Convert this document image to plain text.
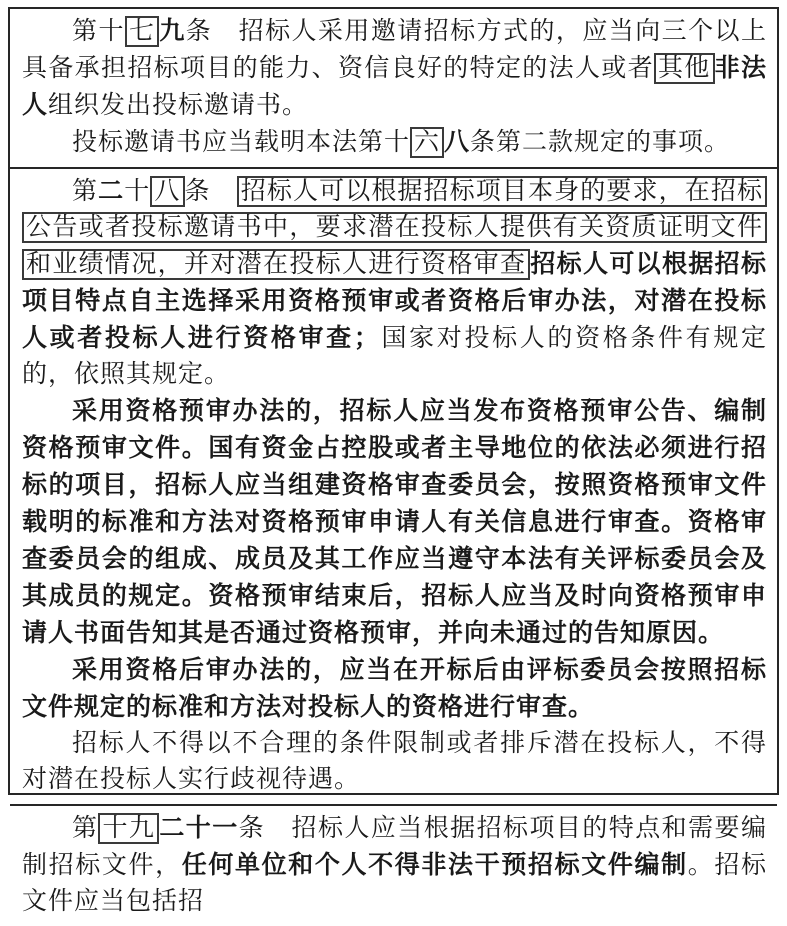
第十 七 九条　招标人采用邀请招标方式的，应当向三个以上具备承担招标项目的能力、资信良好的特定的法人或者 其他 非法人组织发出投标邀请书。

投标邀请书应当载明本法第十 六 八条第二款规定的事项。

第二十 八 条　招标人可以根据招标项目本身的要求，在招标公告或者投标邀请书中，要求潜在投标人提供有关资质证明文件和业绩情况，并对潜在投标人进行资格审查 招标人可以根据招标项目特点自主选择采用资格预审或者资格后审办法，对潜在投标人或者投标人进行资格审查；国家对投标人的资格条件有规定的，依照其规定。

采用资格预审办法的，招标人应当发布资格预审公告、编制资格预审文件。国有资金占控股或者主导地位的依法必须进行招标的项目，招标人应当组建资格审查委员会，按照资格预审文件载明的标准和方法对资格预审申请人有关信息进行审查。资格审查委员会的组成、成员及其工作应当遵守本法有关评标委员会及其成员的规定。资格预审结束后，招标人应当及时向资格预审申请人书面告知其是否通过资格预审，并向未通过的告知原因。

采用资格后审办法的，应当在开标后由评标委员会按照招标文件规定的标准和方法对投标人的资格进行审查。

招标人不得以不合理的条件限制或者排斥潜在投标人，不得对潜在投标人实行歧视待遇。

第 十九 二十一条　招标人应当根据招标项目的特点和需要编制招标文件，任何单位和个人不得非法干预招标文件编制。招标文件应当包括招
